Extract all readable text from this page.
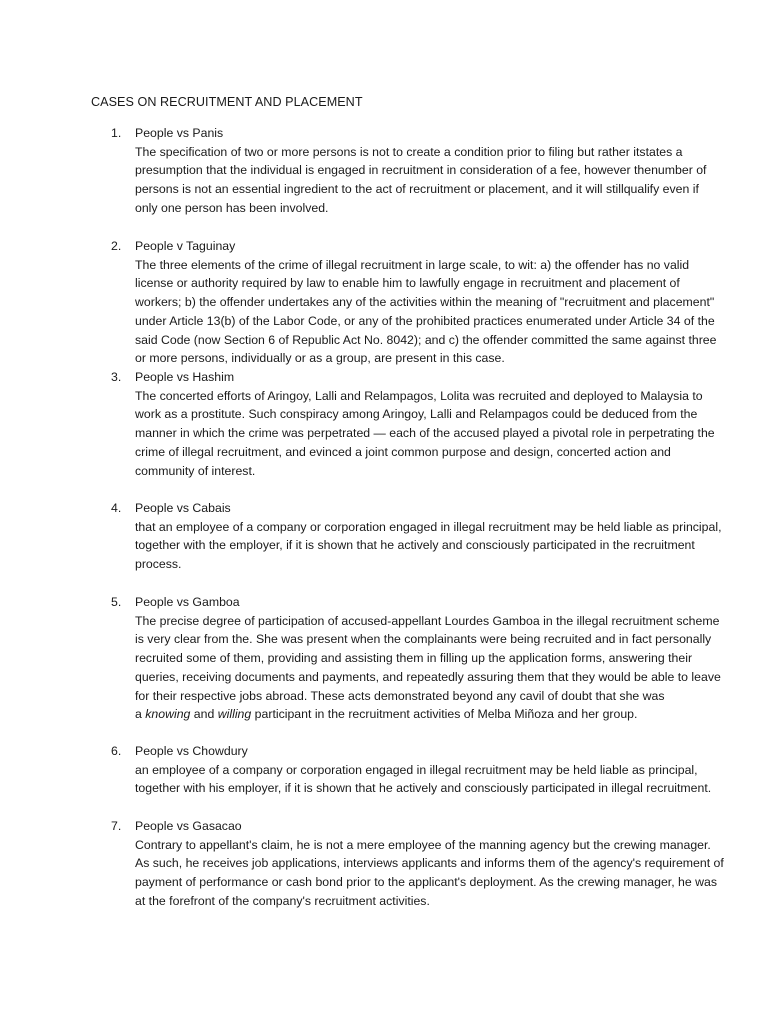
CASES ON RECRUITMENT AND PLACEMENT
1.	People vs Panis
The specification of two or more persons is not to create a condition prior to filing but rather itstates a
presumption that the individual is engaged in recruitment in consideration of a fee, however thenumber of
persons is not an essential ingredient to the act of recruitment or placement, and it will stillqualify even if
only one person has been involved.
2.	People v Taguinay
The three elements of the crime of illegal recruitment in large scale, to wit: a) the offender has no valid
license or authority required by law to enable him to lawfully engage in recruitment and placement of
workers; b) the offender undertakes any of the activities within the meaning of "recruitment and placement"
under Article 13(b) of the Labor Code, or any of the prohibited practices enumerated under Article 34 of the
said Code (now Section 6 of Republic Act No. 8042); and c) the offender committed the same against three
or more persons, individually or as a group, are present in this case.
3.	People vs Hashim
The concerted efforts of Aringoy, Lalli and Relampagos, Lolita was recruited and deployed to Malaysia to
work as a prostitute. Such conspiracy among Aringoy, Lalli and Relampagos could be deduced from the
manner in which the crime was perpetrated — each of the accused played a pivotal role in perpetrating the
crime of illegal recruitment, and evinced a joint common purpose and design, concerted action and
community of interest.
4.	People vs Cabais
that an employee of a company or corporation engaged in illegal recruitment may be held liable as principal,
together with the employer, if it is shown that he actively and consciously participated in the recruitment
process.
5.	People vs Gamboa
The precise degree of participation of accused-appellant Lourdes Gamboa in the illegal recruitment scheme
is very clear from the. She was present when the complainants were being recruited and in fact personally
recruited some of them, providing and assisting them in filling up the application forms, answering their
queries, receiving documents and payments, and repeatedly assuring them that they would be able to leave
for their respective jobs abroad. These acts demonstrated beyond any cavil of doubt that she was
a knowing and willing participant in the recruitment activities of Melba Miñoza and her group.
6.	People vs Chowdury
an employee of a company or corporation engaged in illegal recruitment may be held liable as principal,
together with his employer, if it is shown that he actively and consciously participated in illegal recruitment.
7.	People vs Gasacao
Contrary to appellant's claim, he is not a mere employee of the manning agency but the crewing manager.
As such, he receives job applications, interviews applicants and informs them of the agency's requirement of
payment of performance or cash bond prior to the applicant's deployment. As the crewing manager, he was
at the forefront of the company's recruitment activities.
